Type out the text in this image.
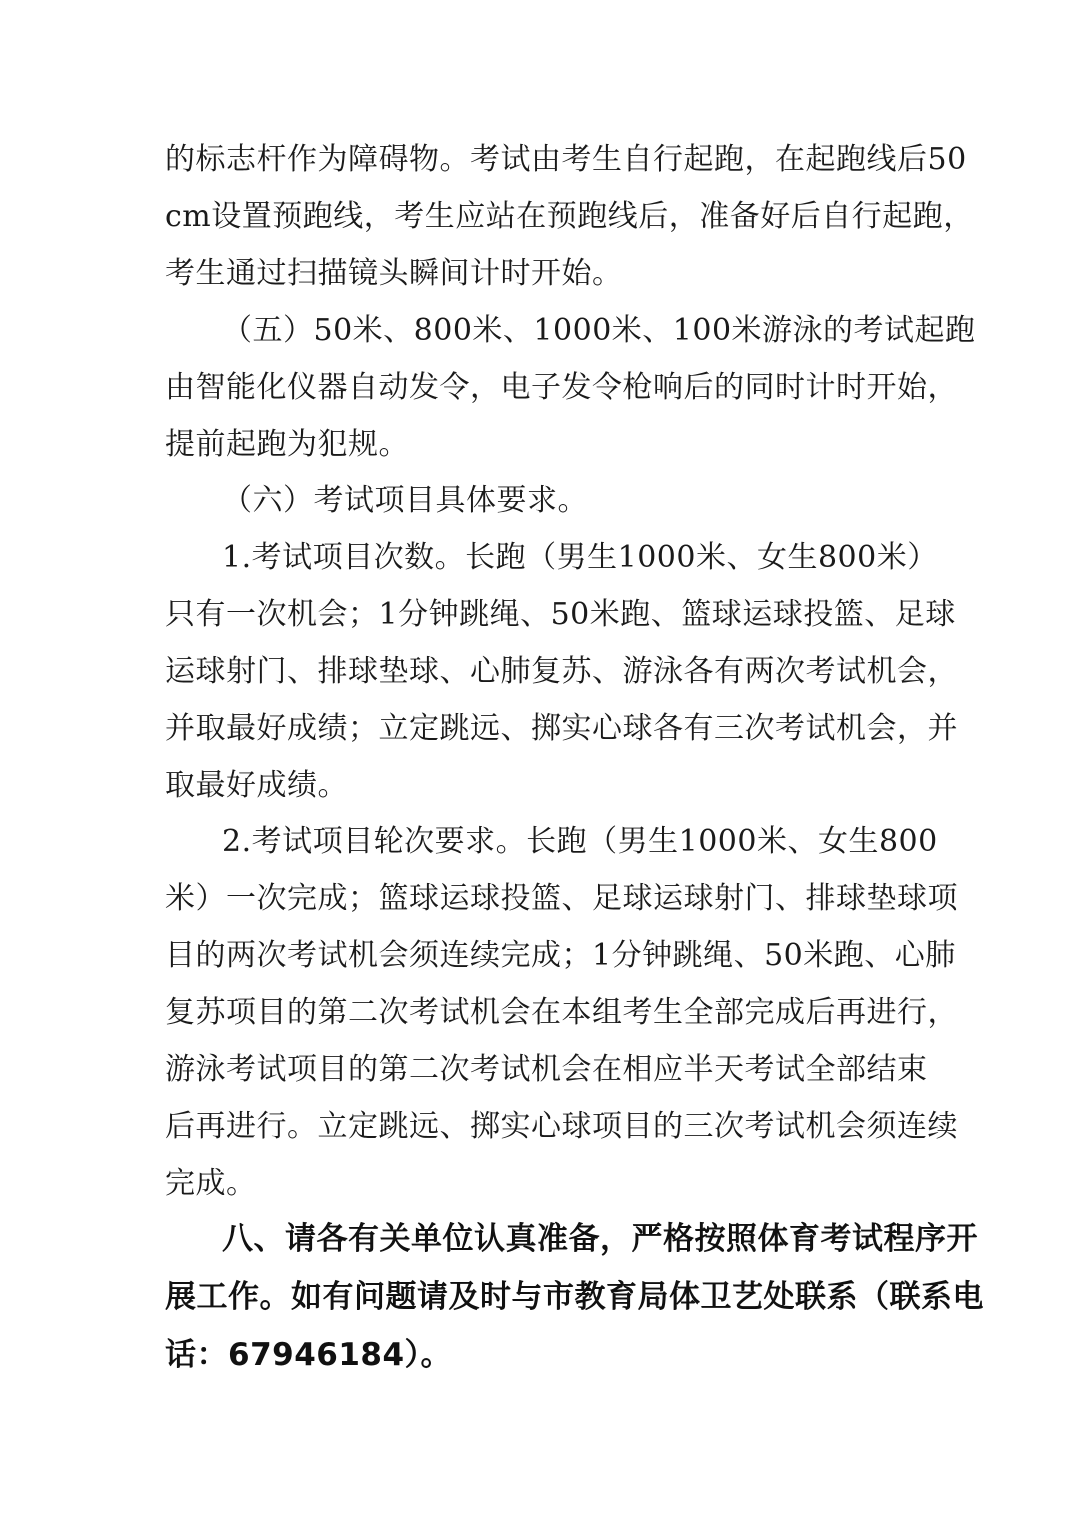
的标志杆作为障碍物。考试由考生自行起跑，在起跑线后50
cm设置预跑线，考生应站在预跑线后，准备好后自行起跑，
考生通过扫描镜头瞬间计时开始。
（五）50米、800米、1000米、100米游泳的考试起跑
由智能化仪器自动发令，电子发令枪响后的同时计时开始，
提前起跑为犯规。
（六）考试项目具体要求。
1.考试项目次数。长跑（男生1000米、女生800米）
只有一次机会；1分钟跳绳、50米跑、篮球运球投篮、足球
运球射门、排球垫球、心肺复苏、游泳各有两次考试机会，
并取最好成绩；立定跳远、掷实心球各有三次考试机会，并
取最好成绩。
2.考试项目轮次要求。长跑（男生1000米、女生800
米）一次完成；篮球运球投篮、足球运球射门、排球垫球项
目的两次考试机会须连续完成；1分钟跳绳、50米跑、心肺
复苏项目的第二次考试机会在本组考生全部完成后再进行，
游泳考试项目的第二次考试机会在相应半天考试全部结束
后再进行。立定跳远、掷实心球项目的三次考试机会须连续
完成。
八、请各有关单位认真准备，严格按照体育考试程序开
展工作。如有问题请及时与市教育局体卫艺处联系（联系电
话：67946184）。
